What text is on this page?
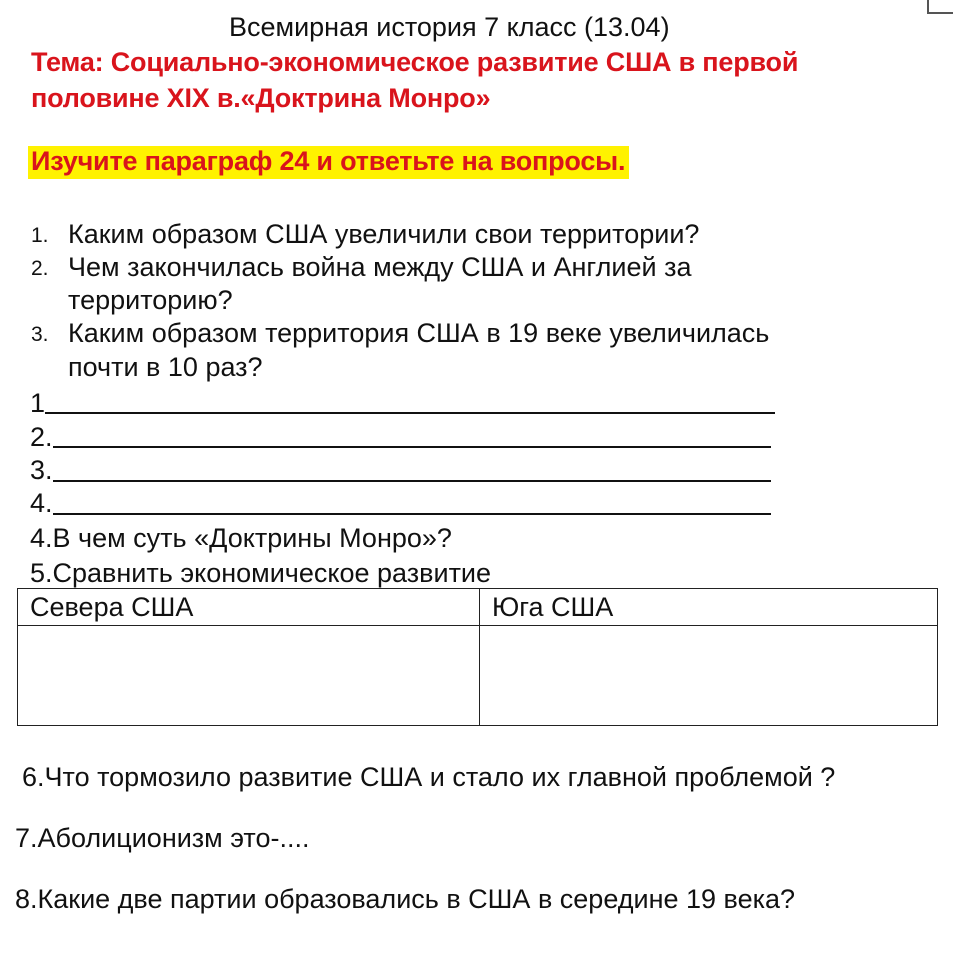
Всемирная история 7 класс (13.04)
Тема: Социально-экономическое развитие США в первой
половине XIX в.«Доктрина Монро»
Изучите параграф 24 и ответьте на вопросы.
1. Каким образом США увеличили свои территории?
2. Чем закончилась война между США и Англией за
территорию?
3. Каким образом территория США в 19 веке увеличилась
почти в 10 раз?
1
2.
3.
4.
4.В чем суть «Доктрины Монро»?
5.Сравнить экономическое развитие
Севера США	Юга США

6.Что тормозило развитие США и стало их главной проблемой ?
7.Аболиционизм это-....
8.Какие две партии образовались в США в середине 19 века?
